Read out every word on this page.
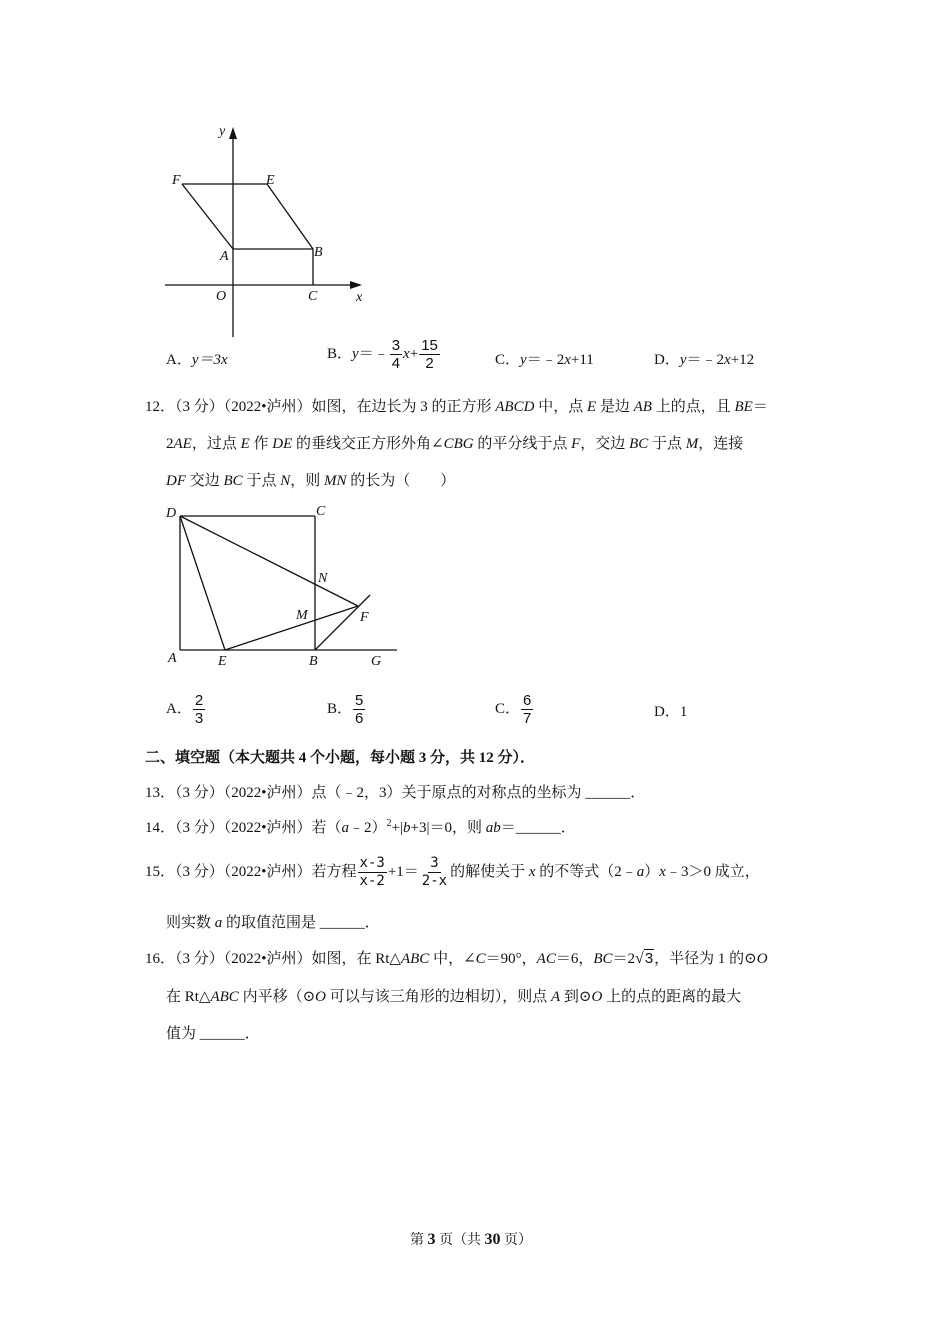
y
x
F	E
A	B
O	C
A．y＝3x	B．y＝﹣ $\frac{3}{4} x+ \frac{15}{2}$	C．y＝﹣2x+11	D．y＝﹣2x+12
12．（3 分）（2022•泸州）如图，在边长为 3 的正方形 ABCD 中，点 E 是边 AB 上的点，且 BE＝
2AE，过点 E 作 DE 的垂线交正方形外角∠CBG 的平分线于点 F，交边 BC 于点 M，连接
DF 交边 BC 于点 N，则 MN 的长为（　　）
D	C
N
M	F
A	E	B	G
A． $\frac{2}{3}$	B． $\frac{5}{6}$	C． $\frac{6}{7}$	D．1
二、填空题（本大题共 4 个小题，每小题 3 分，共 12 分）．
13．（3 分）（2022•泸州）点（﹣2，3）关于原点的对称点的坐标为 ______．
14．（3 分）（2022•泸州）若（a﹣2）$^2$+|b+3|＝0，则 ab＝______．
15．（3 分）（2022•泸州）若方程 $\frac{x-3}{x-2} +1= \frac{3}{2-x}$ 的解使关于 x 的不等式（2﹣a）x﹣3＞0 成立，
则实数 a 的取值范围是 ______．
16．（3 分）（2022•泸州）如图，在 Rt△ABC 中，∠C＝90°，AC＝6，BC＝2√3，半径为 1 的⊙O
在 Rt△ABC 内平移（⊙O 可以与该三角形的边相切），则点 A 到⊙O 上的点的距离的最大
值为 ______．
第 3 页（共 30 页）
